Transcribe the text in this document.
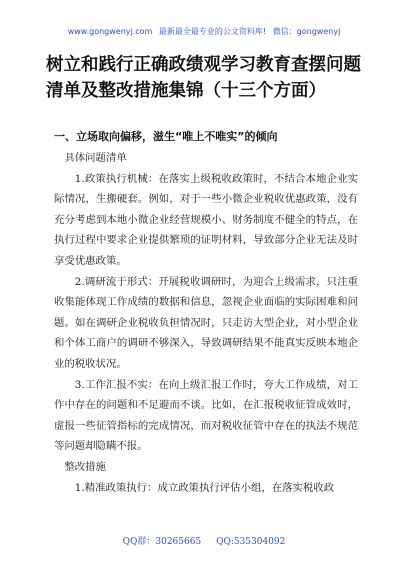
www.gongwenyj.com 最新最全最专业的公文资料库! 微信：gongwenyj
树立和践行正确政绩观学习教育查摆问题
清单及整改措施集锦（十三个方面）
一、立场取向偏移，滋生“唯上不唯实”的倾向

具体问题清单

1.政策执行机械：在落实上级税收政策时，不结合本地企业实际情况，生搬硬套。例如，对于一些小微企业税收优惠政策，没有充分考虑到本地小微企业经营规模小、财务制度不健全的特点，在执行过程中要求企业提供繁琐的证明材料，导致部分企业无法及时享受优惠政策。

2.调研流于形式：开展税收调研时，为迎合上级需求，只注重收集能体现工作成绩的数据和信息，忽视企业面临的实际困难和问题。如在调研企业税收负担情况时，只走访大型企业，对小型企业和个体工商户的调研不够深入，导致调研结果不能真实反映本地企业的税收状况。

3.工作汇报不实：在向上级汇报工作时，夸大工作成绩，对工作中存在的问题和不足避而不谈。比如，在汇报税收征管成效时，虚报一些征管指标的完成情况，而对税收征管中存在的执法不规范等问题却隐瞒不报。

整改措施

1.精准政策执行：成立政策执行评估小组，在落实税收政

QQ群：30265665 QQ:535304092
